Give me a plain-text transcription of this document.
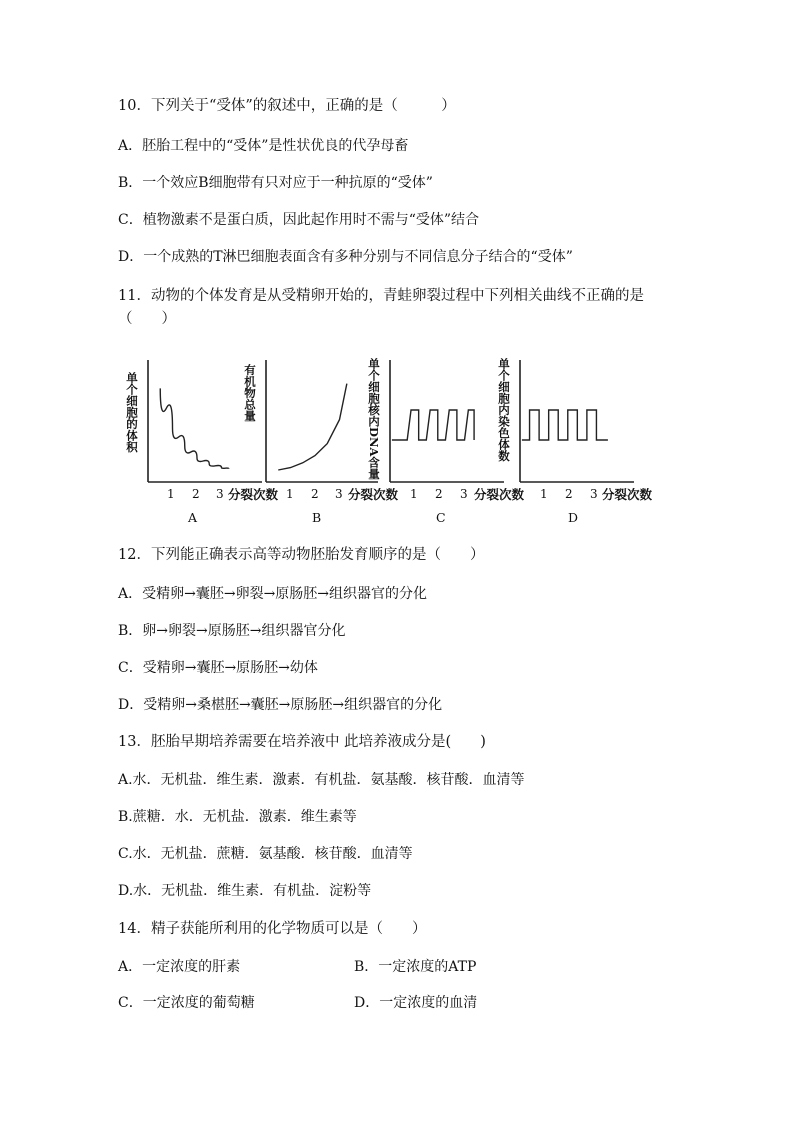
10．下列关于“受体”的叙述中，正确的是（　　　）
A．胚胎工程中的“受体”是性状优良的代孕母畜
B．一个效应B细胞带有只对应于一种抗原的“受体”
C．植物激素不是蛋白质，因此起作用时不需与“受体”结合
D．一个成熟的T淋巴细胞表面含有多种分别与不同信息分子结合的“受体”
11．动物的个体发育是从受精卵开始的，青蛙卵裂过程中下列相关曲线不正确的是
（　　）
单个细胞的体积
1 2 3 分裂次数
A
有机物总量
1 2 3 分裂次数
B
单个细胞核内DNA含量
1 2 3 分裂次数
C
单个细胞内染色体数
1 2 3 分裂次数
D
12．下列能正确表示高等动物胚胎发育顺序的是（　　）
A．受精卵→囊胚→卵裂→原肠胚→组织器官的分化
B．卵→卵裂→原肠胚→组织器官分化
C．受精卵→囊胚→原肠胚→幼体
D．受精卵→桑椹胚→囊胚→原肠胚→组织器官的分化
13．胚胎早期培养需要在培养液中 此培养液成分是(　　)
A.水．无机盐．维生素．激素．有机盐．氨基酸．核苷酸．血清等
B.蔗糖．水．无机盐．激素．维生素等
C.水．无机盐．蔗糖．氨基酸．核苷酸．血清等
D.水．无机盐．维生素．有机盐．淀粉等
14．精子获能所利用的化学物质可以是（　　）
A．一定浓度的肝素	B．一定浓度的ATP
C．一定浓度的葡萄糖	D．一定浓度的血清
